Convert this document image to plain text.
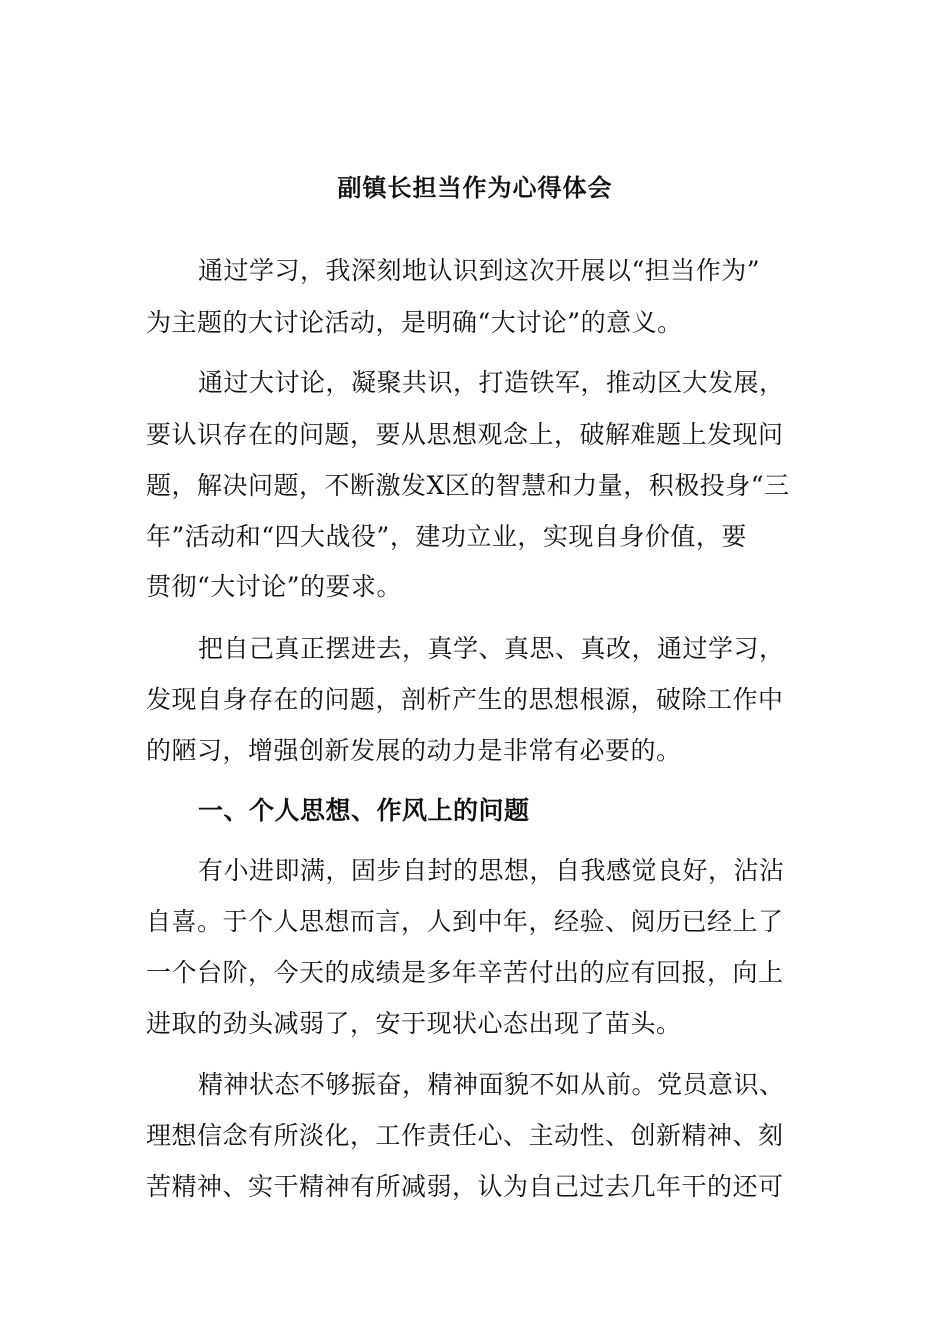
副镇长担当作为心得体会
通过学习，我深刻地认识到这次开展以“担当作为”
为主题的大讨论活动，是明确“大讨论”的意义。
通过大讨论，凝聚共识，打造铁军，推动区大发展，
要认识存在的问题，要从思想观念上，破解难题上发现问
题，解决问题，不断激发X区的智慧和力量，积极投身“三
年”活动和“四大战役”，建功立业，实现自身价值，要
贯彻“大讨论”的要求。
把自己真正摆进去，真学、真思、真改，通过学习，
发现自身存在的问题，剖析产生的思想根源，破除工作中
的陋习，增强创新发展的动力是非常有必要的。
一、个人思想、作风上的问题
有小进即满，固步自封的思想，自我感觉良好，沾沾
自喜。于个人思想而言，人到中年，经验、阅历已经上了
一个台阶，今天的成绩是多年辛苦付出的应有回报，向上
进取的劲头减弱了，安于现状心态出现了苗头。
精神状态不够振奋，精神面貌不如从前。党员意识、
理想信念有所淡化，工作责任心、主动性、创新精神、刻
苦精神、实干精神有所减弱，认为自己过去几年干的还可
